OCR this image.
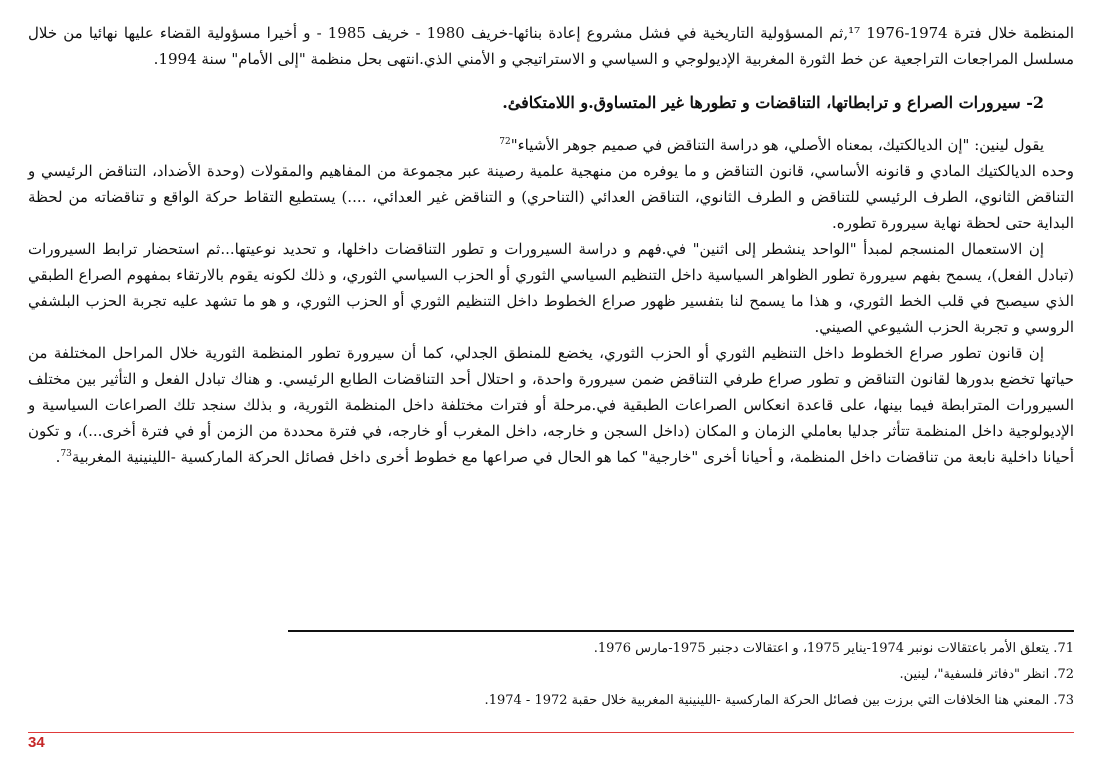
المنظمة خلال فترة 1974-1976 ¹⁷‚ثم المسؤولية التاريخية في فشل مشروع إعادة بنائها-خريف 1980 - خريف 1985 - و أخيرا مسؤولية القضاء عليها نهائيا من خلال مسلسل المراجعات التراجعية عن خط الثورة المغربية الإديولوجي و السياسي و الاستراتيجي و الأمني الذي.انتهى بحل منظمة "إلى الأمام" سنة 1994.

2- سيرورات الصراع و ترابطاتها، التناقضات و تطورها غير المتساوق.و اللامتكافئ.

يقول لينين: "إن الديالكتيك، بمعناه الأصلي، هو دراسة التناقض في صميم جوهر الأشياء"$^{72}$

وحده الديالكتيك المادي و قانونه الأساسي، قانون التناقض و ما يوفره من منهجية علمية رصينة عبر مجموعة من المفاهيم والمقولات (وحدة الأضداد، التناقض الرئيسي و التناقض الثانوي، الطرف الرئيسي للتناقض و الطرف الثانوي، التناقض العدائي (التناحري) و التناقض غير العدائي، ....) يستطيع التقاط حركة الواقع و تناقضاته من لحظة البداية حتى لحظة نهاية سيرورة تطوره.

إن الاستعمال المنسجم لمبدأ "الواحد ينشطر إلى اثنين" في.فهم و دراسة السيرورات و تطور التناقضات داخلها، و تحديد نوعيتها...ثم استحضار ترابط السيرورات (تبادل الفعل)، يسمح بفهم سيرورة تطور الظواهر السياسية داخل التنظيم السياسي الثوري أو الحزب السياسي الثوري، و ذلك لكونه يقوم بالارتقاء بمفهوم الصراع الطبقي الذي سيصبح في قلب الخط الثوري، و هذا ما يسمح لنا بتفسير ظهور صراع الخطوط داخل التنظيم الثوري أو الحزب الثوري، و هو ما تشهد عليه تجربة الحزب البلشفي الروسي و تجربة الحزب الشيوعي الصيني.

إن قانون تطور صراع الخطوط داخل التنظيم الثوري أو الحزب الثوري، يخضع للمنطق الجدلي، كما أن سيرورة تطور المنظمة الثورية خلال المراحل المختلفة من حياتها تخضع بدورها لقانون التناقض و تطور صراع طرفي التناقض ضمن سيرورة واحدة، و احتلال أحد التناقضات الطابع الرئيسي. و هناك تبادل الفعل و التأثير بين مختلف السيرورات المترابطة فيما بينها، على قاعدة انعكاس الصراعات الطبقية في.مرحلة أو فترات مختلفة داخل المنظمة الثورية، و بذلك سنجد تلك الصراعات السياسية و الإديولوجية داخل المنظمة تتأثر جدليا بعاملي الزمان و المكان (داخل السجن و خارجه، داخل المغرب أو خارجه، في فترة محددة من الزمن أو في فترة أخرى...)، و تكون أحيانا داخلية نابعة من تناقضات داخل المنظمة، و أحيانا أخرى "خارجية" كما هو الحال في صراعها مع خطوط أخرى داخل فصائل الحركة الماركسية -اللينينية المغربية$^{73}$.

71. يتعلق الأمر باعتقالات نونبر 1974-يناير 1975، و اعتقالات دجنبر 1975-مارس 1976.

72. انظر "دفاتر فلسفية"، لينين.

73. المعني هنا الخلافات التي برزت بين فصائل الحركة الماركسية -اللينينية المغربية خلال حقبة 1972 - 1974.

34
